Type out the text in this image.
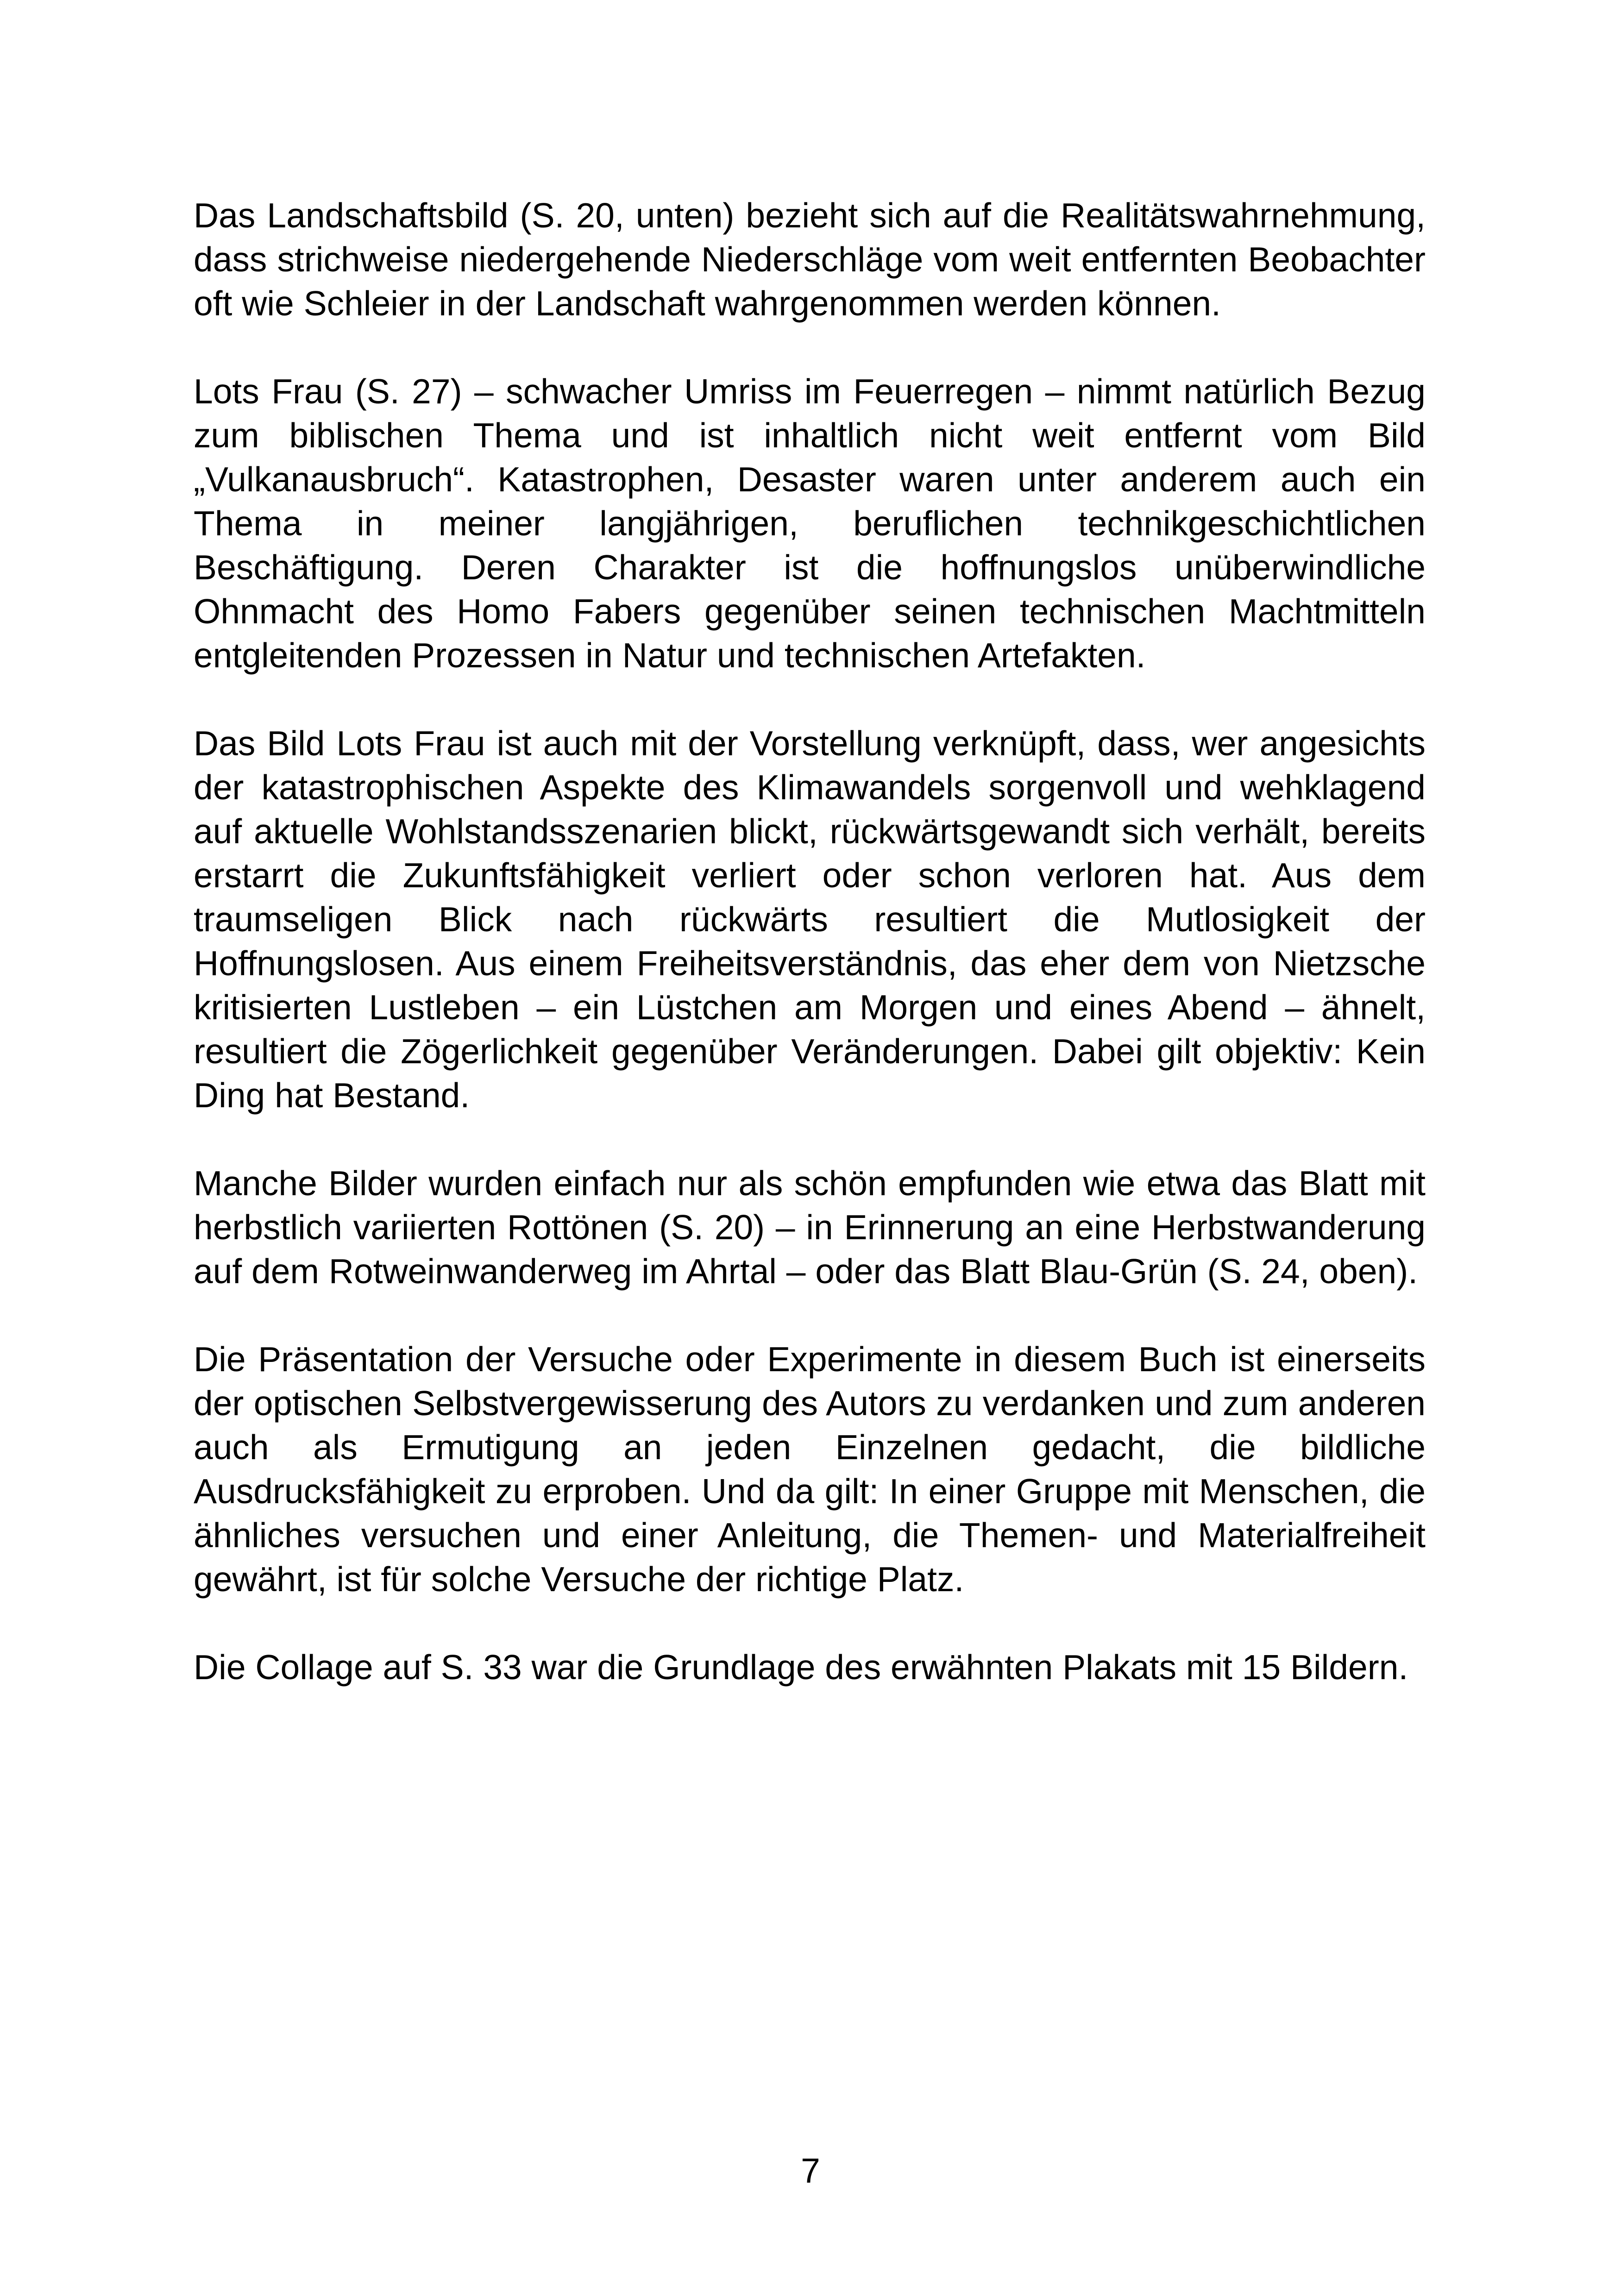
Das Landschaftsbild (S. 20, unten) bezieht sich auf die Realitätswahrnehmung, dass strichweise niedergehende Niederschläge vom weit entfernten Beobachter oft wie Schleier in der Landschaft wahrgenommen werden können.

Lots Frau (S. 27) – schwacher Umriss im Feuerregen – nimmt natürlich Bezug zum biblischen Thema und ist inhaltlich nicht weit entfernt vom Bild „Vulkanausbruch“. Katastrophen, Desaster waren unter anderem auch ein Thema in meiner langjährigen, beruflichen technikgeschichtlichen Beschäftigung. Deren Charakter ist die hoffnungslos unüberwindliche Ohnmacht des Homo Fabers gegenüber seinen technischen Machtmitteln entgleitenden Prozessen in Natur und technischen Artefakten.

Das Bild Lots Frau ist auch mit der Vorstellung verknüpft, dass, wer angesichts der katastrophischen Aspekte des Klimawandels sorgenvoll und wehklagend auf aktuelle Wohlstandsszenarien blickt, rückwärtsgewandt sich verhält, bereits erstarrt die Zukunftsfähigkeit verliert oder schon verloren hat. Aus dem traumseligen Blick nach rückwärts resultiert die Mutlosigkeit der Hoffnungslosen. Aus einem Freiheitsverständnis, das eher dem von Nietzsche kritisierten Lustleben – ein Lüstchen am Morgen und eines Abend – ähnelt, resultiert die Zögerlichkeit gegenüber Veränderungen. Dabei gilt objektiv: Kein Ding hat Bestand.

Manche Bilder wurden einfach nur als schön empfunden wie etwa das Blatt mit herbstlich variierten Rottönen (S. 20) – in Erinnerung an eine Herbstwanderung auf dem Rotweinwanderweg im Ahrtal – oder das Blatt Blau-Grün (S. 24, oben).

Die Präsentation der Versuche oder Experimente in diesem Buch ist einerseits der optischen Selbstvergewisserung des Autors zu verdanken und zum anderen auch als Ermutigung an jeden Einzelnen gedacht, die bildliche Ausdrucksfähigkeit zu erproben. Und da gilt: In einer Gruppe mit Menschen, die ähnliches versuchen und einer Anleitung, die Themen- und Materialfreiheit gewährt, ist für solche Versuche der richtige Platz.

Die Collage auf S. 33 war die Grundlage des erwähnten Plakats mit 15 Bildern.

7
